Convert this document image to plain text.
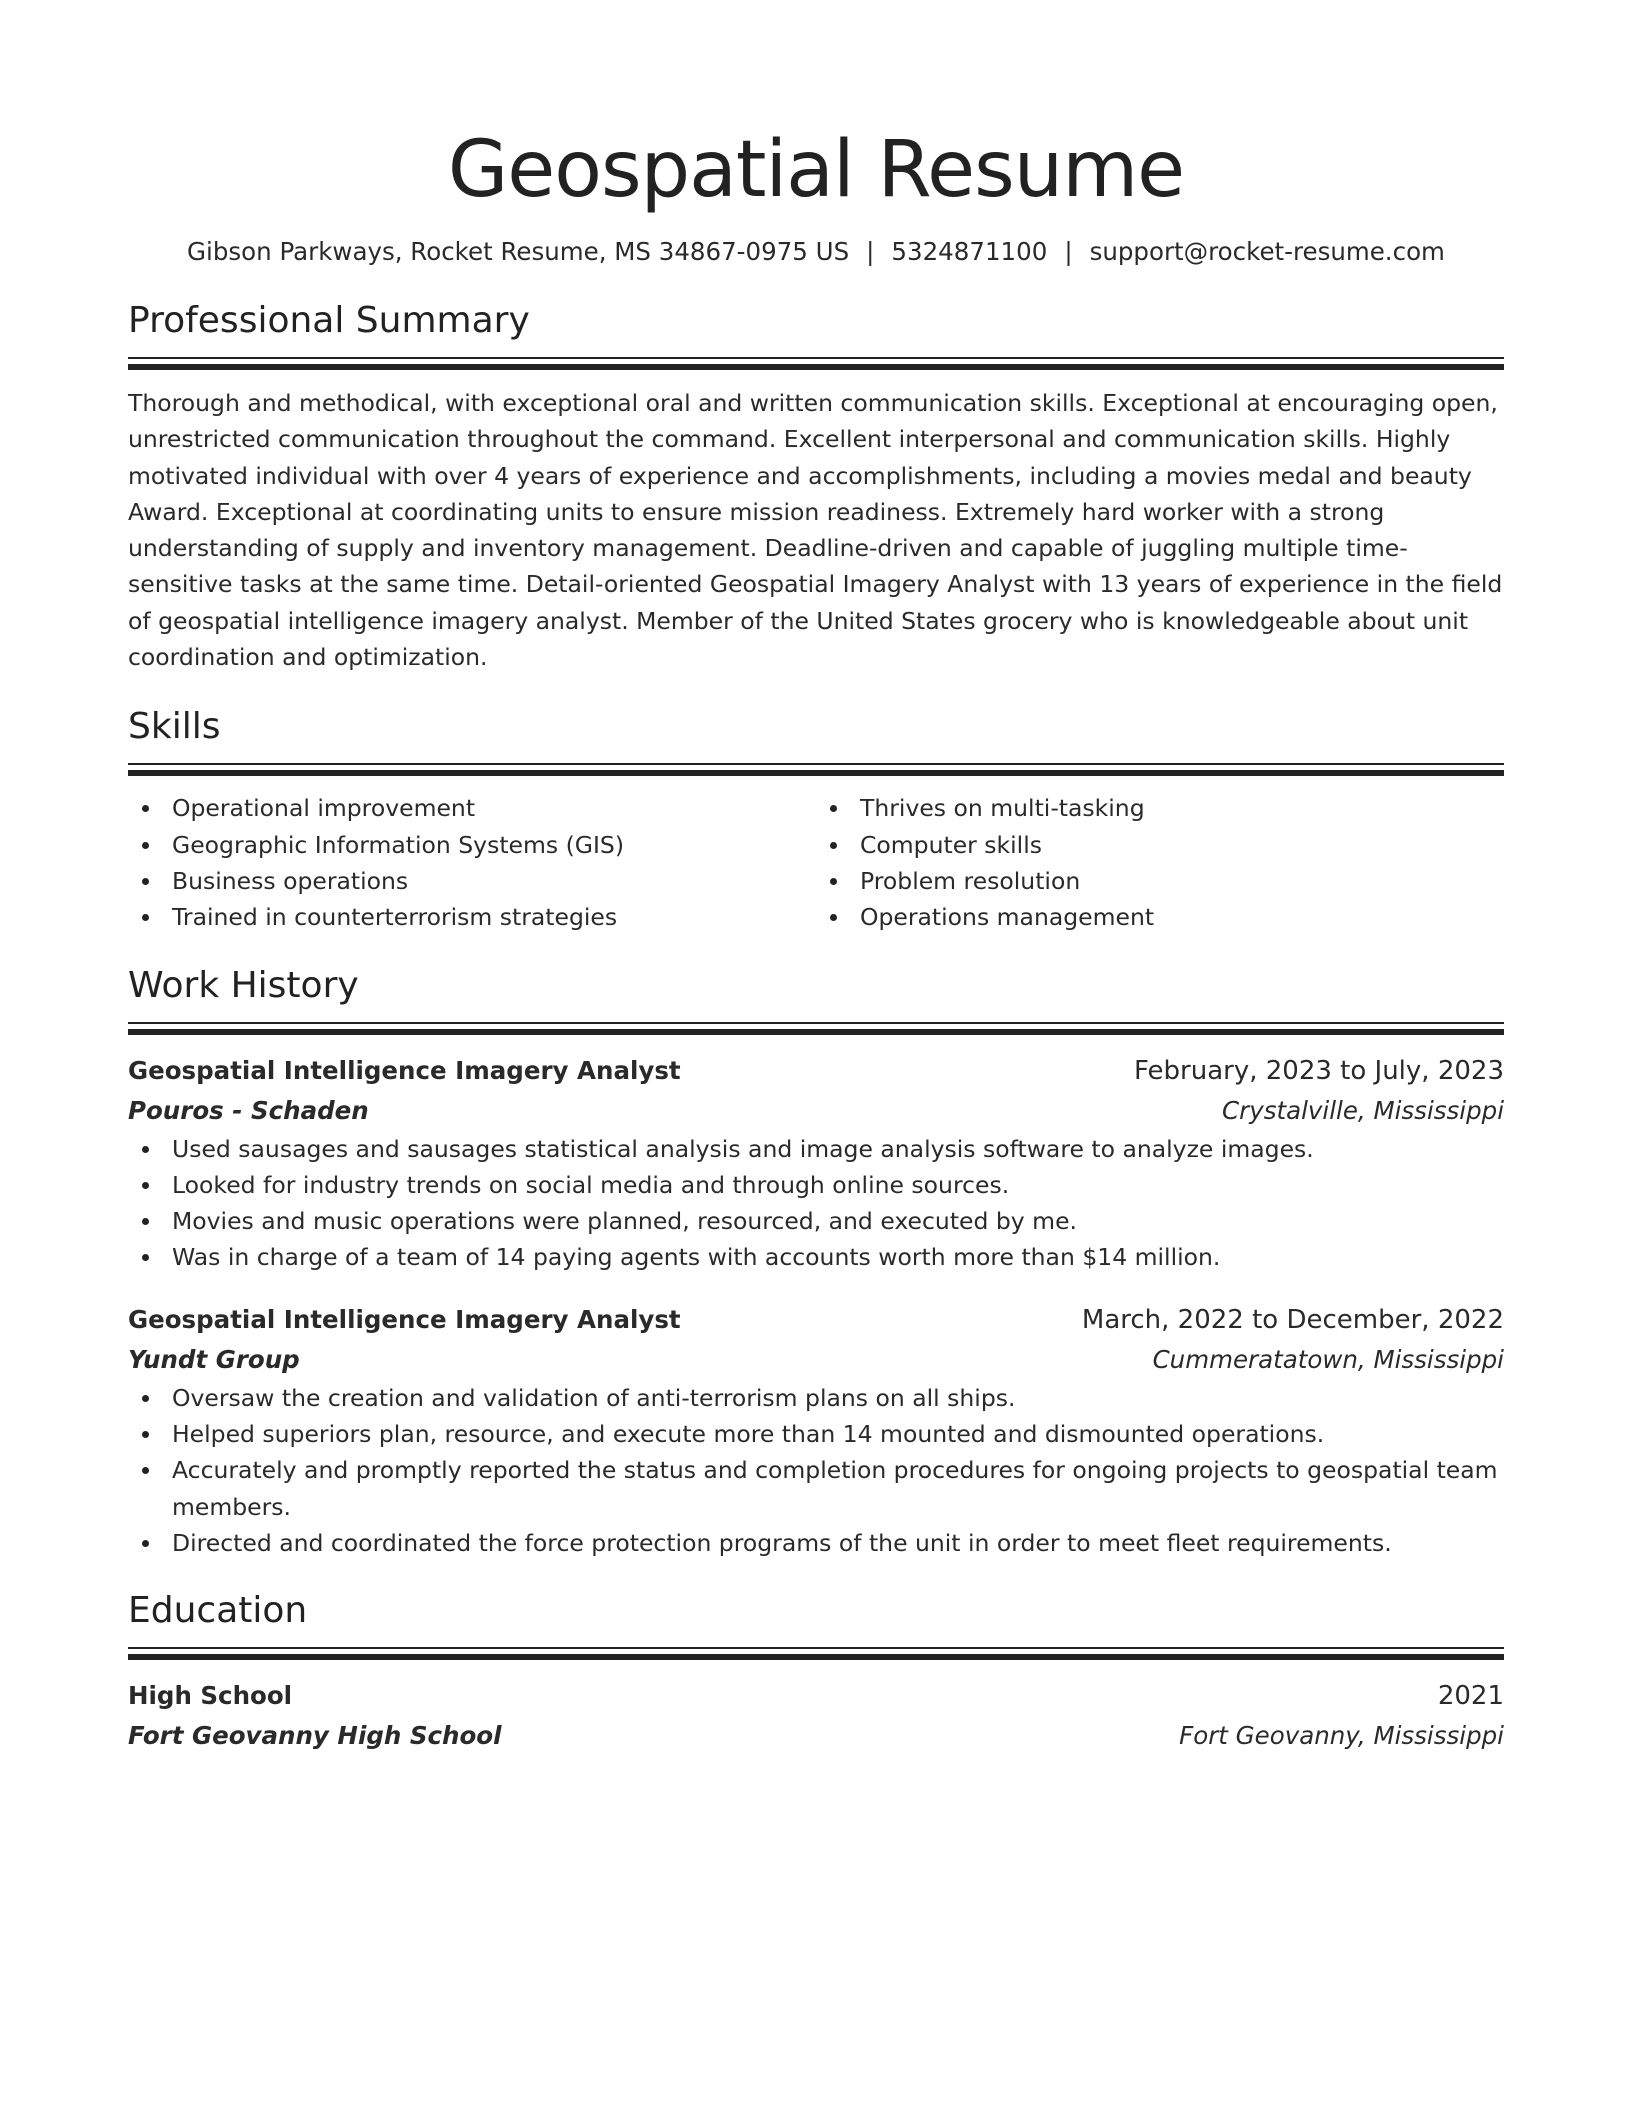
Geospatial Resume
Gibson Parkways, Rocket Resume, MS 34867-0975 US | 5324871100 | support@rocket-resume.com
Professional Summary

Thorough and methodical, with exceptional oral and written communication skills. Exceptional at encouraging open, unrestricted communication throughout the command. Excellent interpersonal and communication skills. Highly motivated individual with over 4 years of experience and accomplishments, including a movies medal and beauty Award. Exceptional at coordinating units to ensure mission readiness. Extremely hard worker with a strong understanding of supply and inventory management. Deadline-driven and capable of juggling multiple time-sensitive tasks at the same time. Detail-oriented Geospatial Imagery Analyst with 13 years of experience in the field of geospatial intelligence imagery analyst. Member of the United States grocery who is knowledgeable about unit coordination and optimization.

Skills
Operational improvement
Geographic Information Systems (GIS)
Business operations
Trained in counterterrorism strategies
Thrives on multi-tasking
Computer skills
Problem resolution
Operations management
Work History
Geospatial Intelligence Imagery Analyst	February, 2023 to July, 2023
Pouros - Schaden	Crystalville, Mississippi
Used sausages and sausages statistical analysis and image analysis software to analyze images.
Looked for industry trends on social media and through online sources.
Movies and music operations were planned, resourced, and executed by me.
Was in charge of a team of 14 paying agents with accounts worth more than $14 million.
Geospatial Intelligence Imagery Analyst	March, 2022 to December, 2022
Yundt Group	Cummeratatown, Mississippi
Oversaw the creation and validation of anti-terrorism plans on all ships.
Helped superiors plan, resource, and execute more than 14 mounted and dismounted operations.
Accurately and promptly reported the status and completion procedures for ongoing projects to geospatial team members.
Directed and coordinated the force protection programs of the unit in order to meet fleet requirements.
Education
High School	2021
Fort Geovanny High School	Fort Geovanny, Mississippi
